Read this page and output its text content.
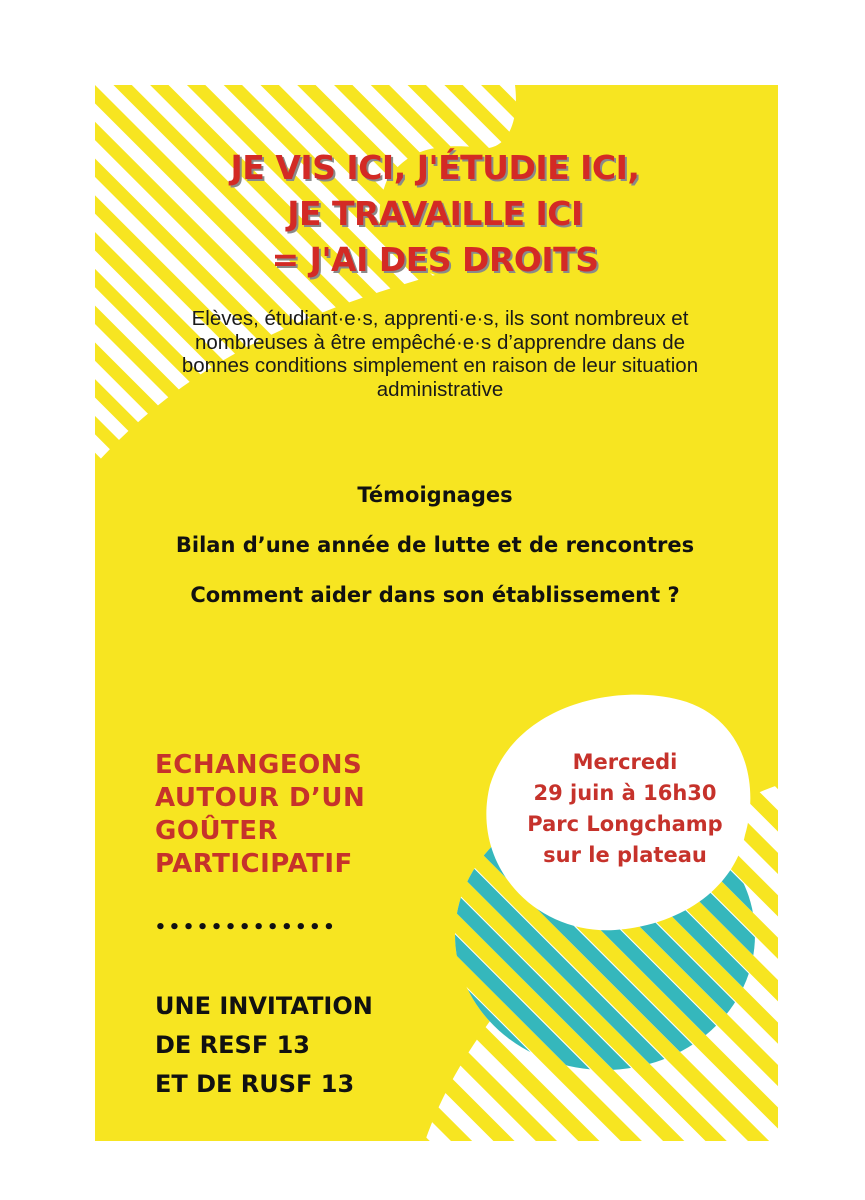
JE VIS ICI, J'ÉTUDIE ICI,
JE TRAVAILLE ICI
= J'AI DES DROITS

Elèves, étudiant·e·s, apprenti·e·s, ils sont nombreux et nombreuses à être empêché·e·s d’apprendre dans de bonnes conditions simplement en raison de leur situation administrative

Témoignages

Bilan d’une année de lutte et de rencontres

Comment aider dans son établissement ?

ECHANGEONS
AUTOUR D’UN
GOÛTER
PARTICIPATIF

•••••••••••••

UNE INVITATION
DE RESF 13
ET DE RUSF 13

Mercredi
29 juin à 16h30
Parc Longchamp
sur le plateau
